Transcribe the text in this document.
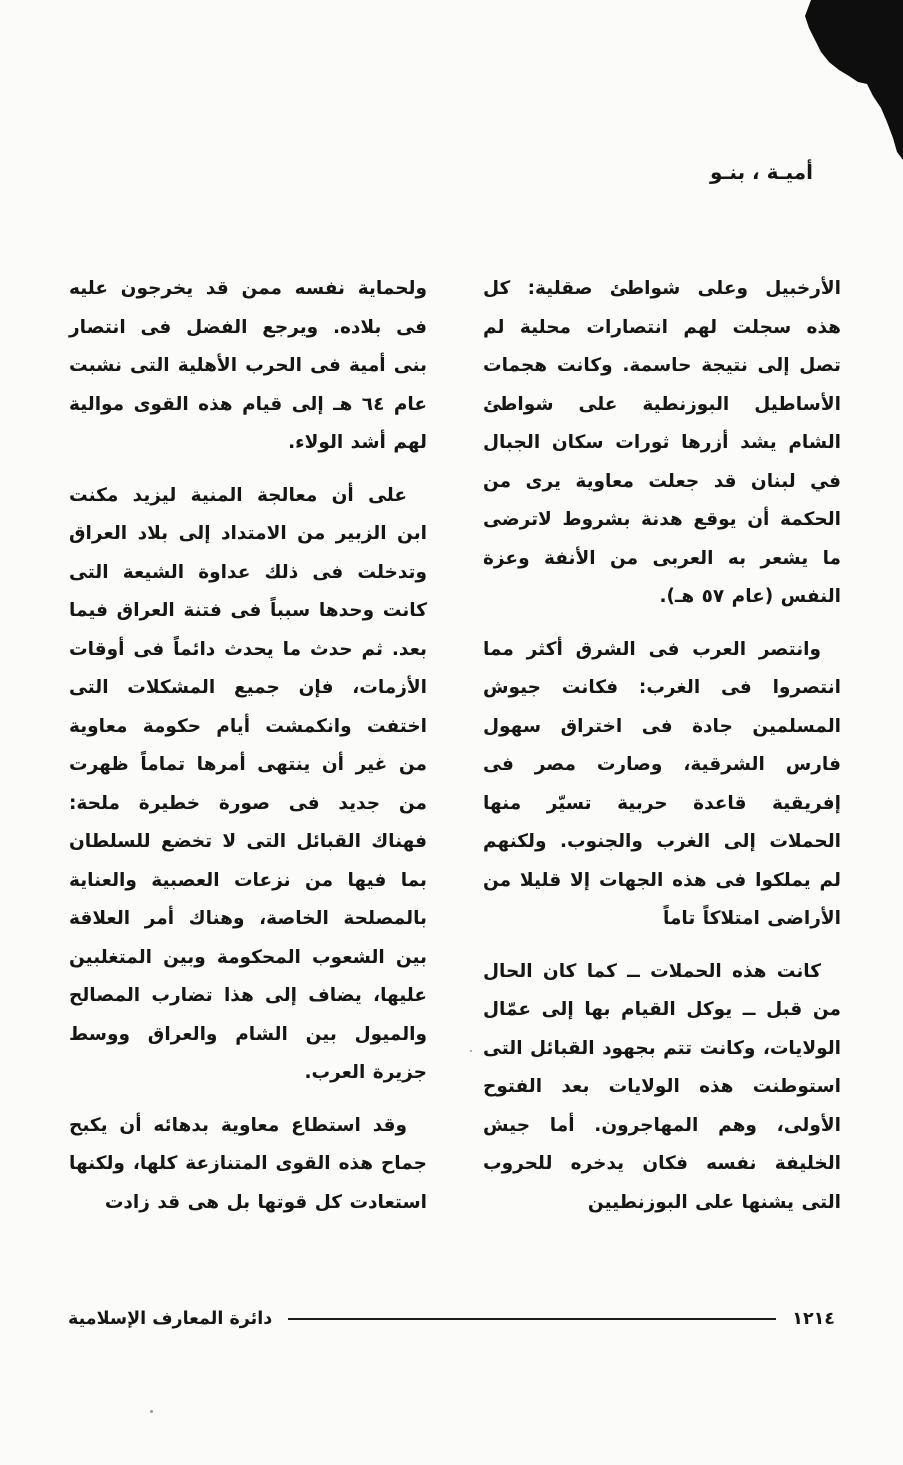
أميـة ، بنـو

الأرخبيل وعلى شواطئ صقلية: كل هذه سجلت لهم انتصارات محلية لم تصل إلى نتيجة حاسمة. وكانت هجمات الأساطيل البوزنطية على شواطئ الشام يشد أزرها ثورات سكان الجبال في لبنان قد جعلت معاوية يرى من الحكمة أن يوقع هدنة بشروط لاترضى ما يشعر به العربى من الأنفة وعزة النفس (عام ٥٧ هـ).

وانتصر العرب فى الشرق أكثر مما انتصروا فى الغرب: فكانت جيوش المسلمين جادة فى اختراق سهول فارس الشرقية، وصارت مصر فى إفريقية قاعدة حربية تسيّر منها الحملات إلى الغرب والجنوب. ولكنهم لم يملكوا فى هذه الجهات إلا قليلا من الأراضى امتلاكاً تاماً

كانت هذه الحملات ــ كما كان الحال من قبل ــ يوكل القيام بها إلى عمّال الولايات، وكانت تتم بجهود القبائل التى استوطنت هذه الولايات بعد الفتوح الأولى، وهم المهاجرون. أما جيش الخليفة نفسه فكان يدخره للحروب التى يشنها على البوزنطيين

ولحماية نفسه ممن قد يخرجون عليه فى بلاده. ويرجع الفضل فى انتصار بنى أمية فى الحرب الأهلية التى نشبت عام ٦٤ هـ إلى قيام هذه القوى موالية لهم أشد الولاء.

على أن معالجة المنية ليزيد مكنت ابن الزبير من الامتداد إلى بلاد العراق وتدخلت فى ذلك عداوة الشيعة التى كانت وحدها سبباً فى فتنة العراق فيما بعد. ثم حدث ما يحدث دائماً فى أوقات الأزمات، فإن جميع المشكلات التى اختفت وانكمشت أيام حكومة معاوية من غير أن ينتهى أمرها تماماً ظهرت من جديد فى صورة خطيرة ملحة: فهناك القبائل التى لا تخضع للسلطان بما فيها من نزعات العصبية والعناية بالمصلحة الخاصة، وهناك أمر العلاقة بين الشعوب المحكومة وبين المتغلبين عليها، يضاف إلى هذا تضارب المصالح والميول بين الشام والعراق ووسط جزيرة العرب.

وقد استطاع معاوية بدهائه أن يكبح جماح هذه القوى المتنازعة كلها، ولكنها استعادت كل قوتها بل هى قد زادت

١٢١٤
دائرة المعارف الإسلامية
